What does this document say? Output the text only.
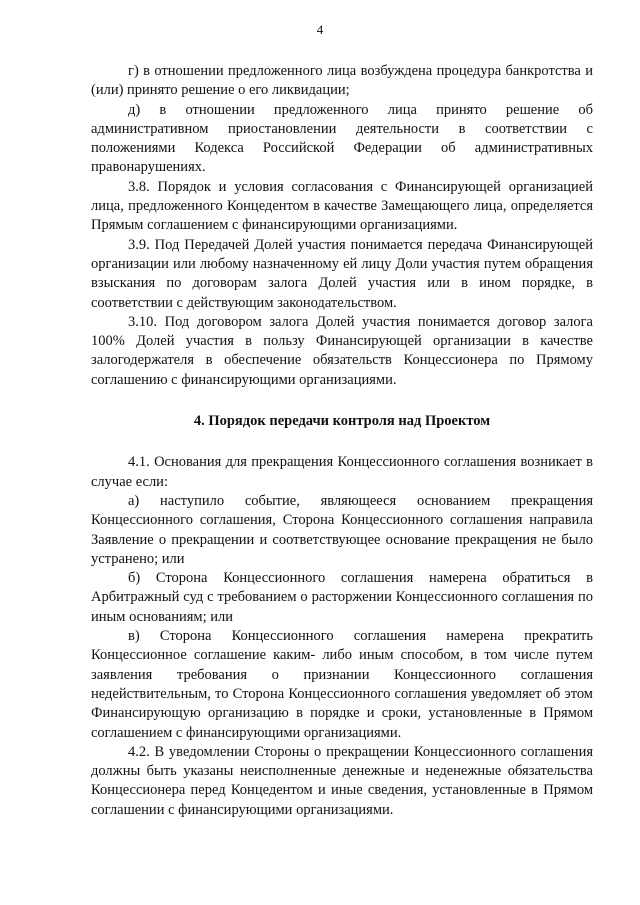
4

г) в отношении предложенного лица возбуждена процедура банкротства и (или) принято решение о его ликвидации;

д) в отношении предложенного лица принято решение об административном приостановлении деятельности в соответствии с положениями Кодекса Российской Федерации об административных правонарушениях.

3.8. Порядок и условия согласования с Финансирующей организацией лица, предложенного Концедентом в качестве Замещающего лица, определяется Прямым соглашением с финансирующими организациями.

3.9. Под Передачей Долей участия понимается передача Финансирующей организации или любому назначенному ей лицу Доли участия путем обращения взыскания по договорам залога Долей участия или в ином порядке, в соответствии с действующим законодательством.

3.10. Под договором залога Долей участия понимается договор залога 100% Долей участия в пользу Финансирующей организации в качестве залогодержателя в обеспечение обязательств Концессионера по Прямому соглашению с финансирующими организациями.

4. Порядок передачи контроля над Проектом

4.1. Основания для прекращения Концессионного соглашения возникает в случае если:

а) наступило событие, являющееся основанием прекращения Концессионного соглашения, Сторона Концессионного соглашения направила Заявление о прекращении и соответствующее основание прекращения не было устранено; или

б) Сторона Концессионного соглашения намерена обратиться в Арбитражный суд с требованием о расторжении Концессионного соглашения по иным основаниям; или

в) Сторона Концессионного соглашения намерена прекратить Концессионное соглашение каким- либо иным способом, в том числе путем заявления требования о признании Концессионного соглашения недействительным, то Сторона Концессионного соглашения уведомляет об этом Финансирующую организацию в порядке и сроки, установленные в Прямом соглашением с финансирующими организациями.

4.2. В уведомлении Стороны о прекращении Концессионного соглашения должны быть указаны неисполненные денежные и неденежные обязательства Концессионера перед Концедентом и иные сведения, установленные в Прямом соглашении с финансирующими организациями.
